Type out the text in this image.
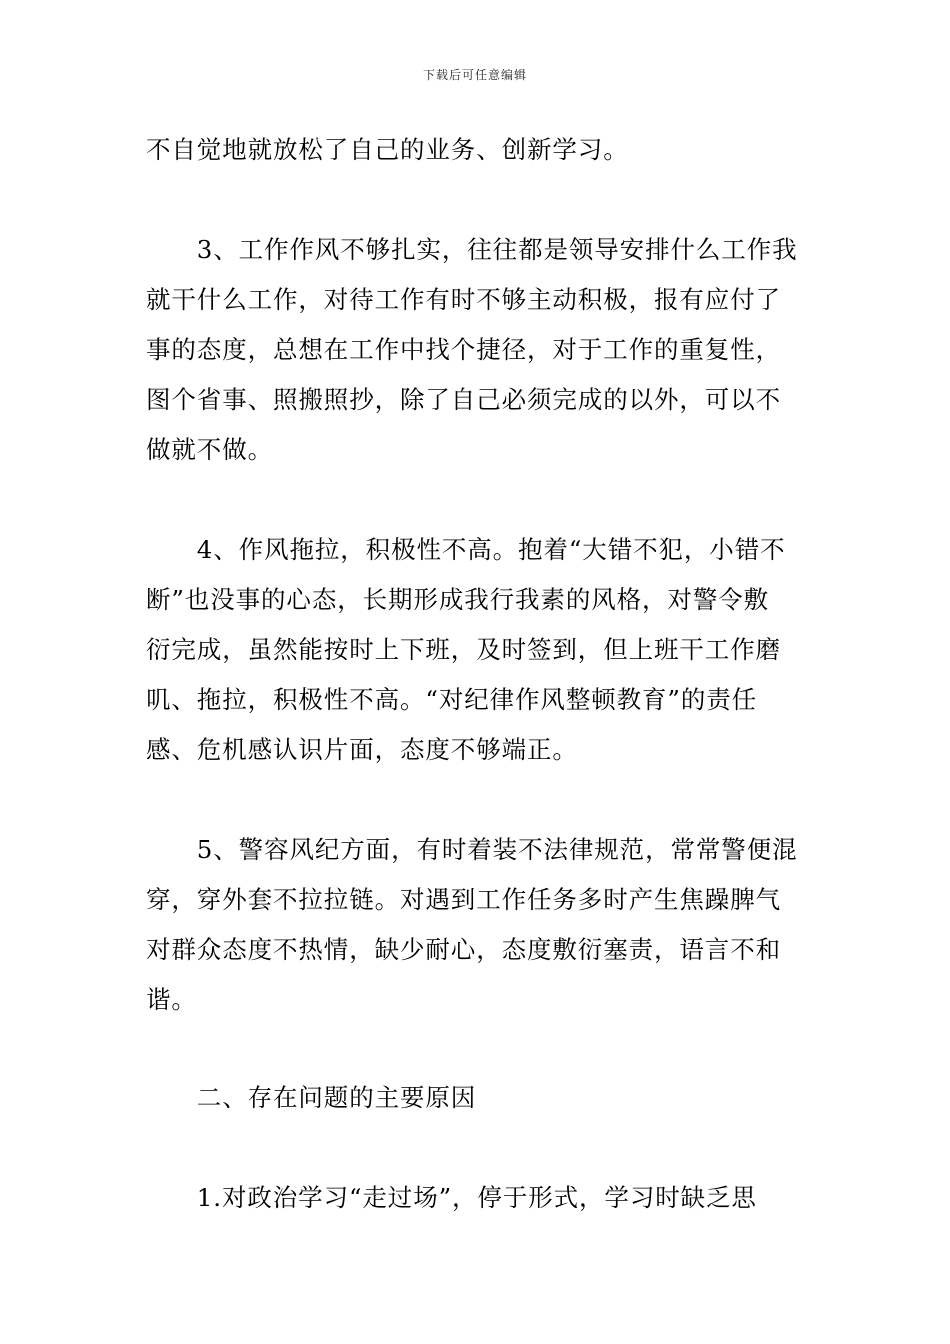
下载后可任意编辑
不自觉地就放松了自己的业务、创新学习。
　　3、工作作风不够扎实，往往都是领导安排什么工作我
就干什么工作，对待工作有时不够主动积极，报有应付了
事的态度，总想在工作中找个捷径，对于工作的重复性，
图个省事、照搬照抄，除了自己必须完成的以外，可以不
做就不做。
　　4、作风拖拉，积极性不高。抱着“大错不犯，小错不
断”也没事的心态，长期形成我行我素的风格，对警令敷
衍完成，虽然能按时上下班，及时签到，但上班干工作磨
叽、拖拉，积极性不高。“对纪律作风整顿教育”的责任
感、危机感认识片面，态度不够端正。
　　5、警容风纪方面，有时着装不法律规范，常常警便混
穿，穿外套不拉拉链。对遇到工作任务多时产生焦躁脾气
对群众态度不热情，缺少耐心，态度敷衍塞责，语言不和
谐。
　　二、存在问题的主要原因
　　1.对政治学习“走过场”，停于形式，学习时缺乏思
